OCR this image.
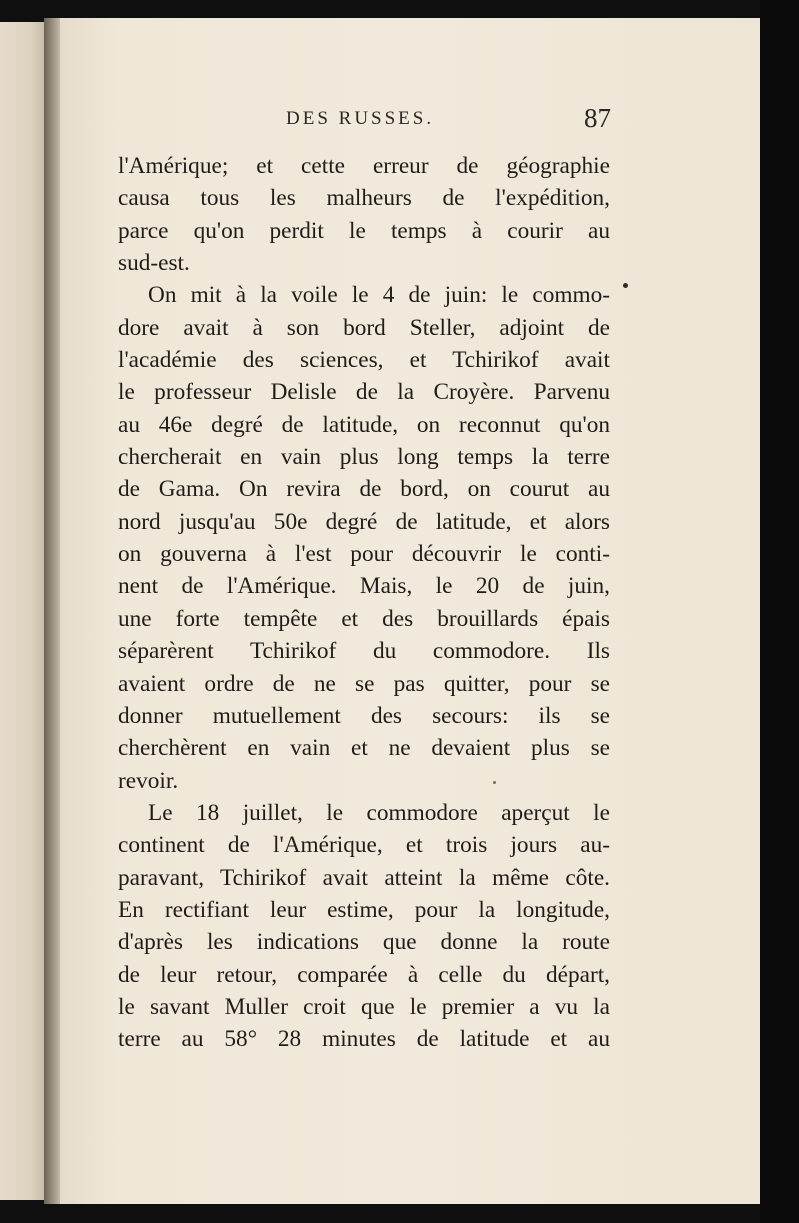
DES RUSSES.	87
l'Amérique; et cette erreur de géographie
causa tous les malheurs de l'expédition,
parce qu'on perdit le temps à courir au
sud-est.
On mit à la voile le 4 de juin: le commo-
dore avait à son bord Steller, adjoint de
l'académie des sciences, et Tchirikof avait
le professeur Delisle de la Croyère. Parvenu
au 46e degré de latitude, on reconnut qu'on
chercherait en vain plus long temps la terre
de Gama. On revira de bord, on courut au
nord jusqu'au 50e degré de latitude, et alors
on gouverna à l'est pour découvrir le conti-
nent de l'Amérique. Mais, le 20 de juin,
une forte tempête et des brouillards épais
séparèrent Tchirikof du commodore. Ils
avaient ordre de ne se pas quitter, pour se
donner mutuellement des secours: ils se
cherchèrent en vain et ne devaient plus se
revoir.
Le 18 juillet, le commodore aperçut le
continent de l'Amérique, et trois jours au-
paravant, Tchirikof avait atteint la même côte.
En rectifiant leur estime, pour la longitude,
d'après les indications que donne la route
de leur retour, comparée à celle du départ,
le savant Muller croit que le premier a vu la
terre au 58° 28 minutes de latitude et au
